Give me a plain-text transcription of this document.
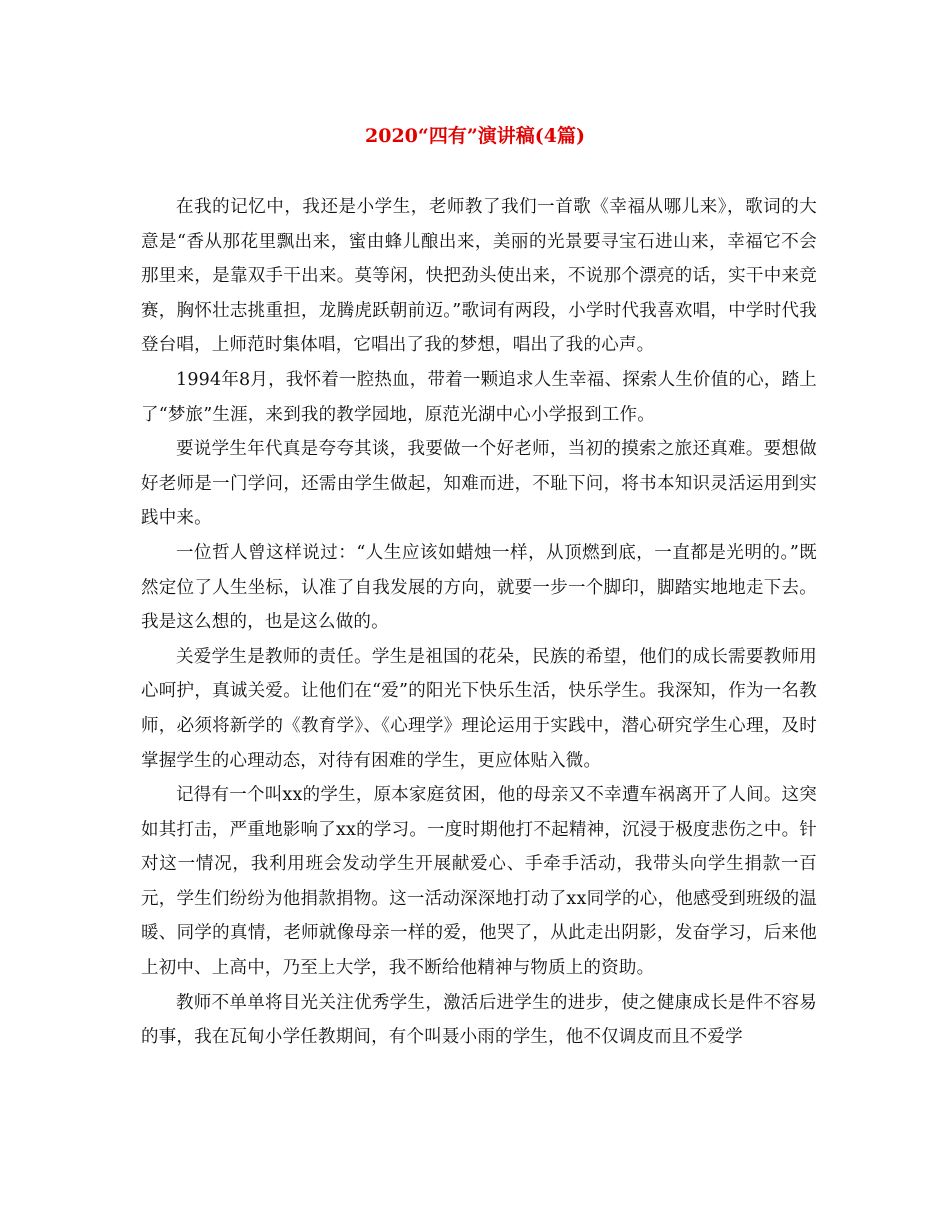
2020“四有”演讲稿(4篇)

在我的记忆中，我还是小学生，老师教了我们一首歌《幸福从哪儿来》，歌词的大意是“香从那花里飘出来，蜜由蜂儿酿出来，美丽的光景要寻宝石进山来，幸福它不会那里来，是靠双手干出来。莫等闲，快把劲头使出来，不说那个漂亮的话，实干中来竞赛，胸怀壮志挑重担，龙腾虎跃朝前迈。”歌词有两段，小学时代我喜欢唱，中学时代我登台唱，上师范时集体唱，它唱出了我的梦想，唱出了我的心声。

1994年8月，我怀着一腔热血，带着一颗追求人生幸福、探索人生价值的心，踏上了“梦旅”生涯，来到我的教学园地，原范光湖中心小学报到工作。

要说学生年代真是夸夸其谈，我要做一个好老师，当初的摸索之旅还真难。要想做好老师是一门学问，还需由学生做起，知难而进，不耻下问，将书本知识灵活运用到实践中来。

一位哲人曾这样说过：“人生应该如蜡烛一样，从顶燃到底，一直都是光明的。”既然定位了人生坐标，认准了自我发展的方向，就要一步一个脚印，脚踏实地地走下去。我是这么想的，也是这么做的。

关爱学生是教师的责任。学生是祖国的花朵，民族的希望，他们的成长需要教师用心呵护，真诚关爱。让他们在“爱”的阳光下快乐生活，快乐学生。我深知，作为一名教师，必须将新学的《教育学》、《心理学》理论运用于实践中，潜心研究学生心理，及时掌握学生的心理动态，对待有困难的学生，更应体贴入微。

记得有一个叫xx的学生，原本家庭贫困，他的母亲又不幸遭车祸离开了人间。这突如其打击，严重地影响了xx的学习。一度时期他打不起精神，沉浸于极度悲伤之中。针对这一情况，我利用班会发动学生开展献爱心、手牵手活动，我带头向学生捐款一百元，学生们纷纷为他捐款捐物。这一活动深深地打动了xx同学的心，他感受到班级的温暖、同学的真情，老师就像母亲一样的爱，他哭了，从此走出阴影，发奋学习，后来他上初中、上高中，乃至上大学，我不断给他精神与物质上的资助。

教师不单单将目光关注优秀学生，激活后进学生的进步，使之健康成长是件不容易的事，我在瓦甸小学任教期间，有个叫聂小雨的学生，他不仅调皮而且不爱学
